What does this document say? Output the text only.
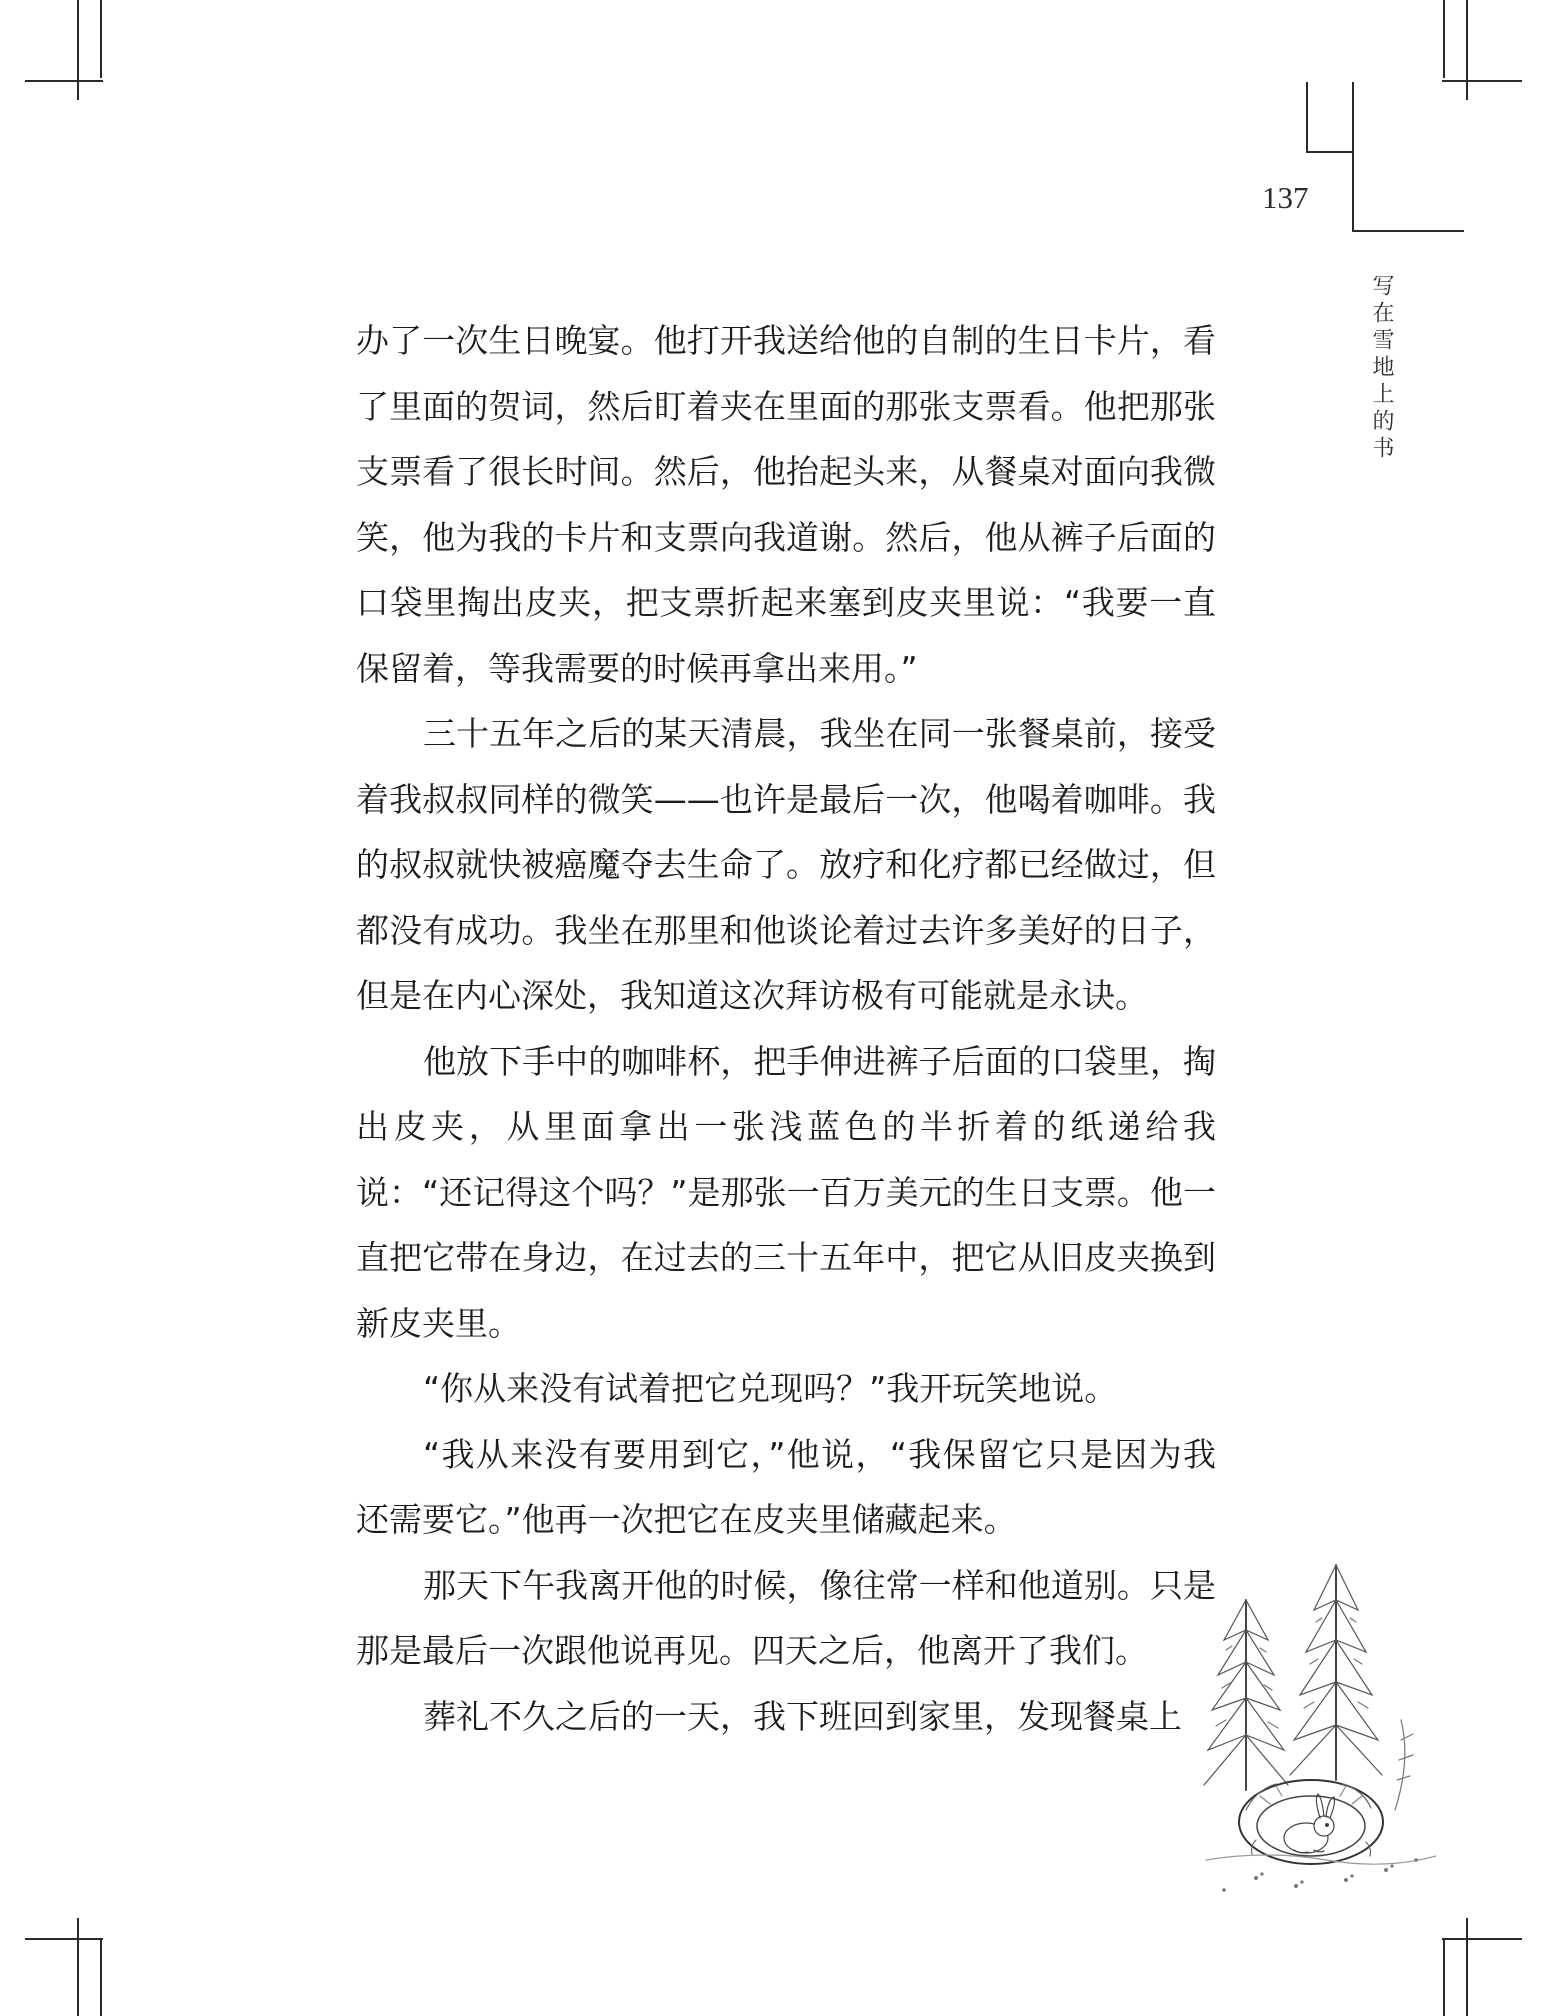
137
写在雪地上的书

办了一次生日晚宴。他打开我送给他的自制的生日卡片，看了里面的贺词，然后盯着夹在里面的那张支票看。他把那张支票看了很长时间。然后，他抬起头来，从餐桌对面向我微笑，他为我的卡片和支票向我道谢。然后，他从裤子后面的口袋里掏出皮夹，把支票折起来塞到皮夹里说：“我要一直保留着，等我需要的时候再拿出来用。”

三十五年之后的某天清晨，我坐在同一张餐桌前，接受着我叔叔同样的微笑——也许是最后一次，他喝着咖啡。我的叔叔就快被癌魔夺去生命了。放疗和化疗都已经做过，但都没有成功。我坐在那里和他谈论着过去许多美好的日子，但是在内心深处，我知道这次拜访极有可能就是永诀。

他放下手中的咖啡杯，把手伸进裤子后面的口袋里，掏出皮夹，从里面拿出一张浅蓝色的半折着的纸递给我说：“还记得这个吗？”是那张一百万美元的生日支票。他一直把它带在身边，在过去的三十五年中，把它从旧皮夹换到新皮夹里。

“你从来没有试着把它兑现吗？”我开玩笑地说。

“我从来没有要用到它，”他说，“我保留它只是因为我还需要它。”他再一次把它在皮夹里储藏起来。

那天下午我离开他的时候，像往常一样和他道别。只是那是最后一次跟他说再见。四天之后，他离开了我们。

葬礼不久之后的一天，我下班回到家里，发现餐桌上
